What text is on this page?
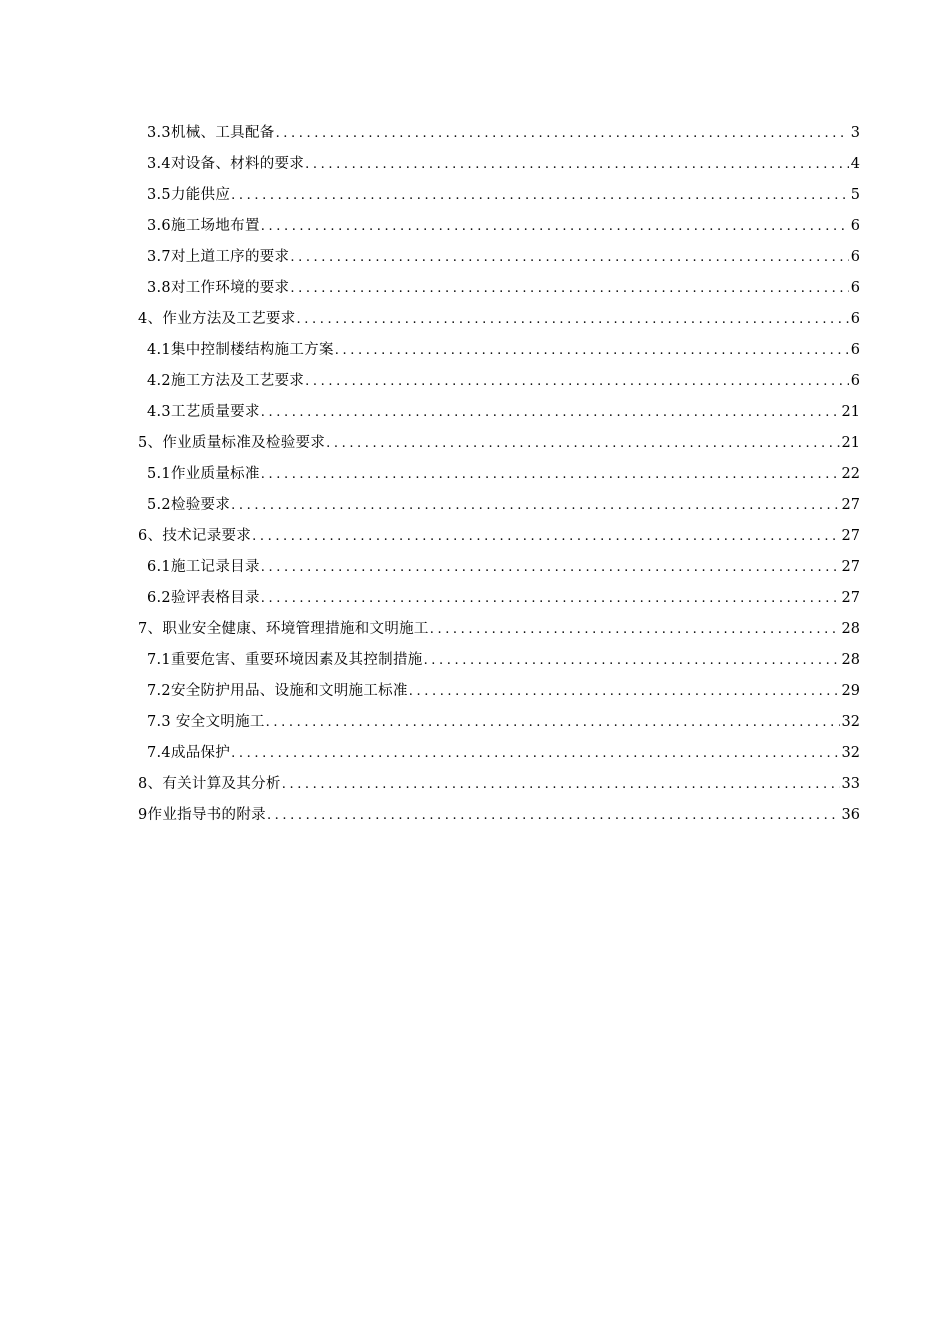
3.3机械、工具配备 .....	3
3.4对设备、材料的要求 .....	4
3.5力能供应 .....	5
3.6施工场地布置 .....	6
3.7对上道工序的要求 .....	6
3.8对工作环境的要求 .....	6
4、作业方法及工艺要求 .....	6
4.1集中控制楼结构施工方案 .....	6
4.2施工方法及工艺要求 .....	6
4.3工艺质量要求 .....	21
5、作业质量标准及检验要求 .....	21
5.1作业质量标准 .....	22
5.2检验要求 .....	27
6、技术记录要求 .....	27
6.1施工记录目录 .....	27
6.2验评表格目录 .....	27
7、职业安全健康、环境管理措施和文明施工 .....	28
7.1重要危害、重要环境因素及其控制措施 .....	28
7.2安全防护用品、设施和文明施工标准 .....	29
7.3 安全文明施工 .....	32
7.4成品保护 .....	32
8、有关计算及其分析 .....	33
9作业指导书的附录 .....	36
